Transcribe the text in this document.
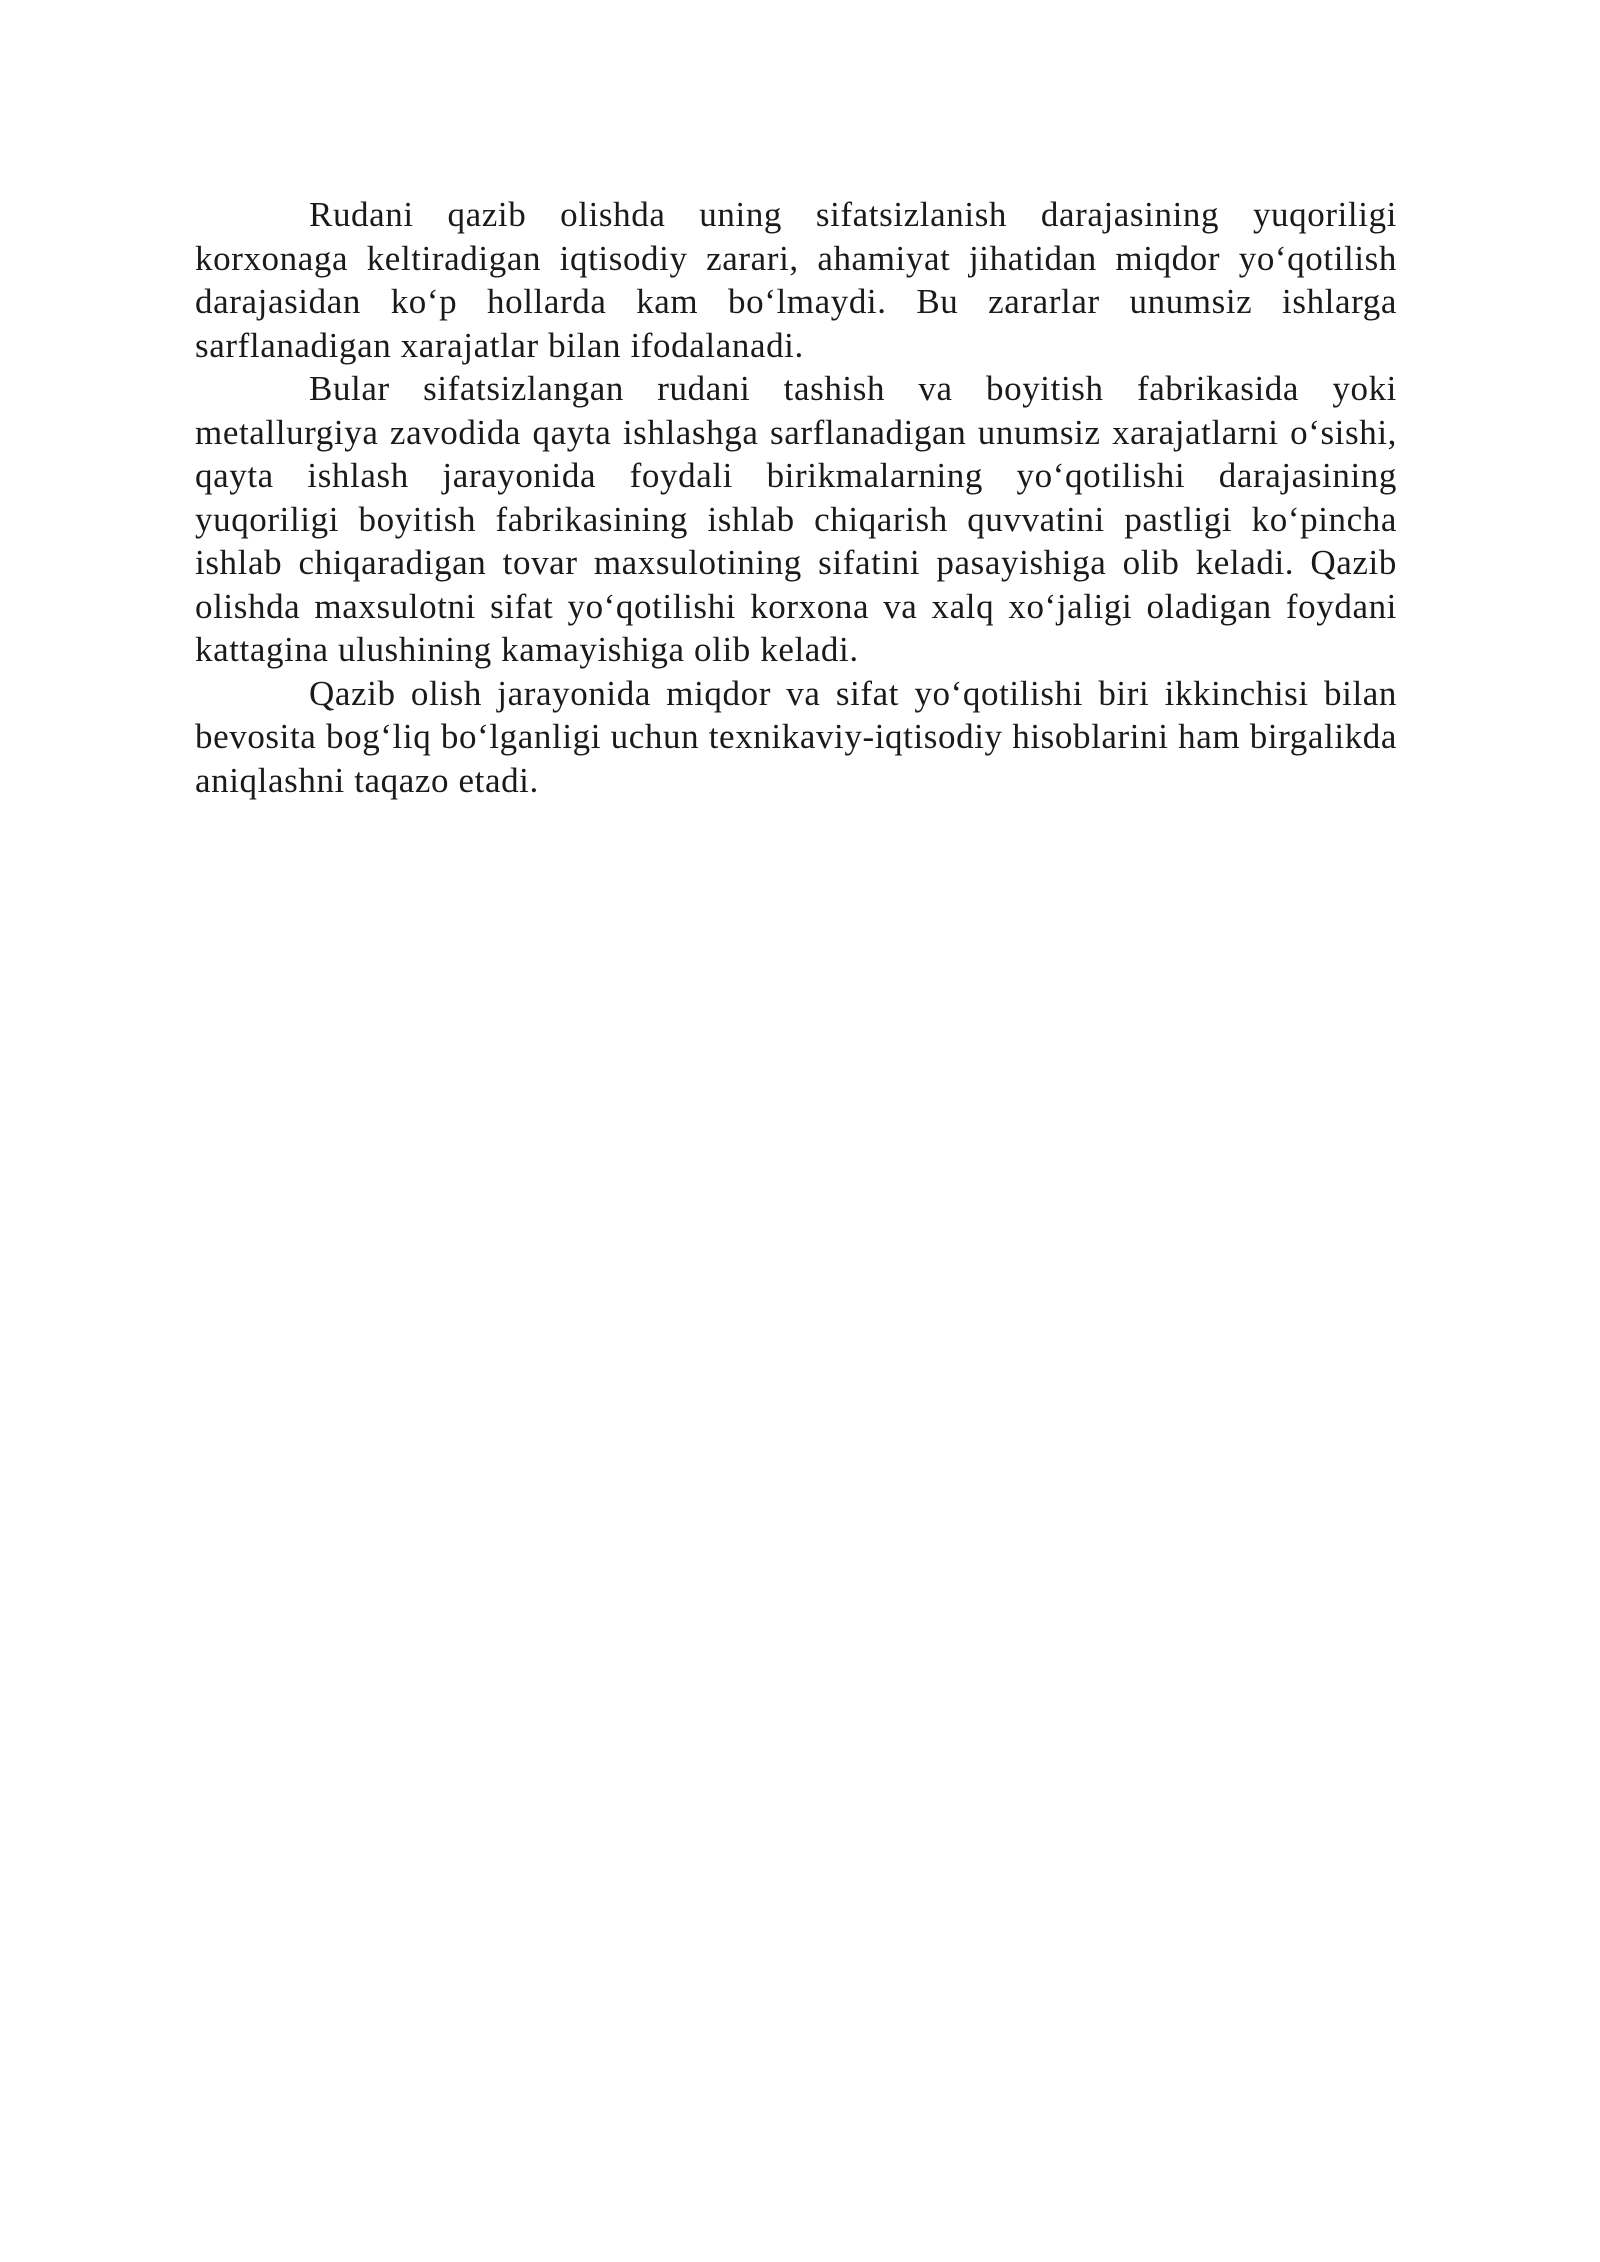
Rudani qazib olishda uning sifatsizlanish darajasining yuqoriligi korxonaga keltiradigan iqtisodiy zarari, ahamiyat jihatidan miqdor yo‘qotilish darajasidan ko‘p hollarda kam bo‘lmaydi. Bu zararlar unumsiz ishlarga sarflanadigan xarajatlar bilan ifodalanadi.

Bular sifatsizlangan rudani tashish va boyitish fabrikasida yoki metallurgiya zavodida qayta ishlashga sarflanadigan unumsiz xarajatlarni o‘sishi, qayta ishlash jarayonida foydali birikmalarning yo‘qotilishi darajasining yuqoriligi boyitish fabrikasining ishlab chiqarish quvvatini pastligi ko‘pincha ishlab chiqaradigan tovar maxsulotining sifatini pasayishiga olib keladi. Qazib olishda maxsulotni sifat yo‘qotilishi korxona va xalq xo‘jaligi oladigan foydani kattagina ulushining kamayishiga olib keladi.

Qazib olish jarayonida miqdor va sifat yo‘qotilishi biri ikkinchisi bilan bevosita bog‘liq bo‘lganligi uchun texnikaviy-iqtisodiy hisoblarini ham birgalikda aniqlashni taqazo etadi.
